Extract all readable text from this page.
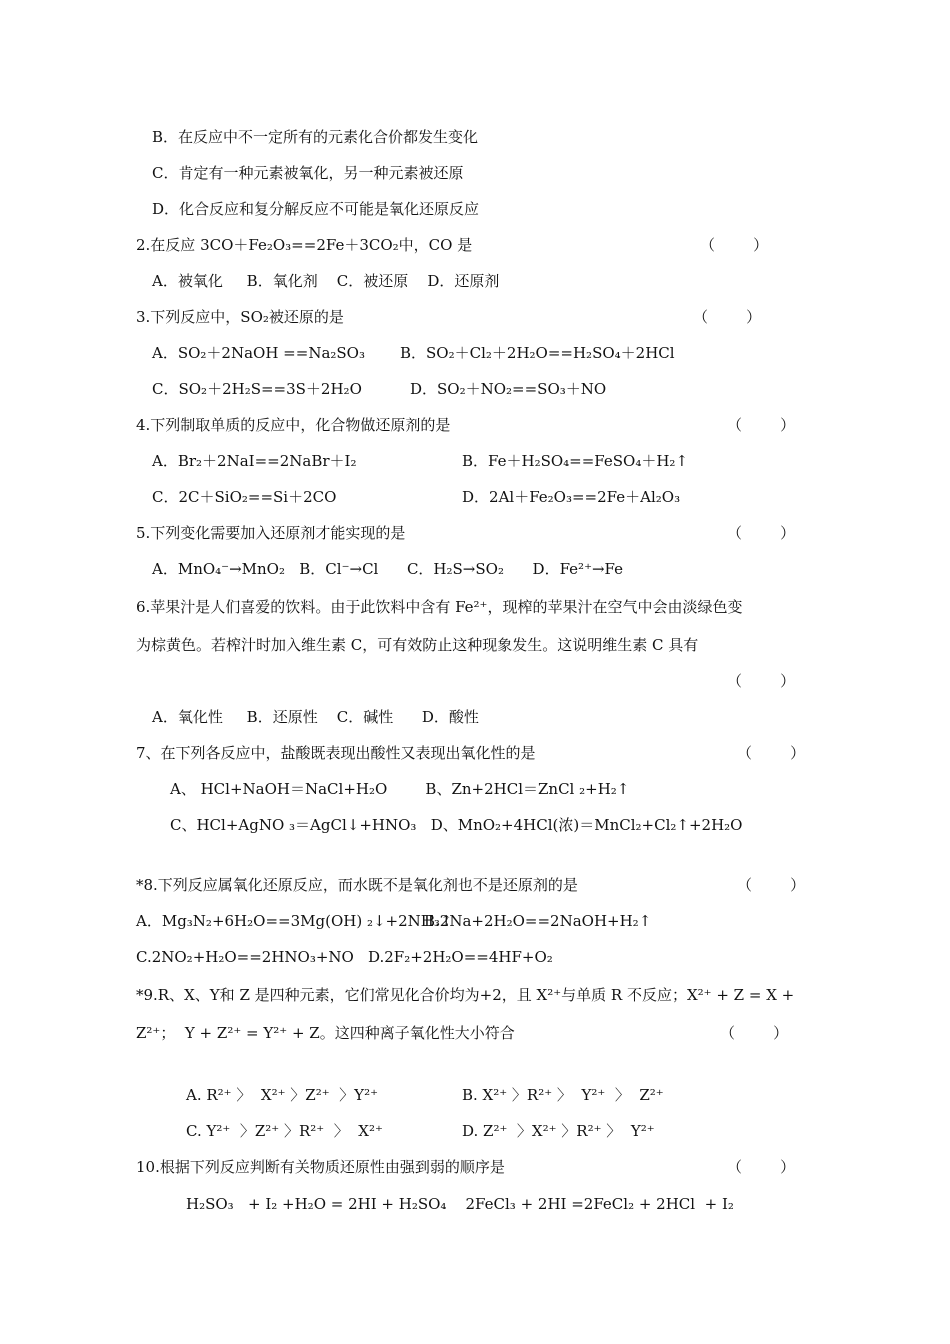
B．在反应中不一定所有的元素化合价都发生变化
C．肯定有一种元素被氧化，另一种元素被还原
D．化合反应和复分解反应不可能是氧化还原反应
2.在反应 3CO＋Fe₂O₃==2Fe＋3CO₂中，CO 是	（        ）
A．被氧化     B．氧化剂    C．被还原    D．还原剂
3.下列反应中，SO₂被还原的是	（        ）
A．SO₂＋2NaOH ==Na₂SO₃ B．SO₂＋Cl₂＋2H₂O==H₂SO₄＋2HCl
C．SO₂＋2H₂S==3S＋2H₂O	D．SO₂＋NO₂==SO₃＋NO
4.下列制取单质的反应中，化合物做还原剂的是	（        ）
A．Br₂＋2NaI==2NaBr＋I₂	B．Fe＋H₂SO₄==FeSO₄＋H₂↑
C．2C＋SiO₂==Si＋2CO	D．2Al＋Fe₂O₃==2Fe＋Al₂O₃
5.下列变化需要加入还原剂才能实现的是	（        ）
A．MnO₄⁻→MnO₂   B．Cl⁻→Cl      C．H₂S→SO₂      D．Fe²⁺→Fe
6.苹果汁是人们喜爱的饮料。由于此饮料中含有 Fe²⁺，现榨的苹果汁在空气中会由淡绿色变
为棕黄色。若榨汁时加入维生素 C，可有效防止这种现象发生。这说明维生素 C 具有
（        ）
A．氧化性     B．还原性    C．碱性      D．酸性
7、在下列各反应中，盐酸既表现出酸性又表现出氧化性的是	（        ）
A、 HCl+NaOH＝NaCl+H₂O        B、Zn+2HCl＝ZnCl ₂+H₂↑
C、HCl+AgNO ₃＝AgCl↓+HNO₃   D、MnO₂+4HCl(浓)＝MnCl₂+Cl₂↑+2H₂O
*8.下列反应属氧化还原反应，而水既不是氧化剂也不是还原剂的是	（        ）
A．Mg₃N₂+6H₂O==3Mg(OH) ₂↓+2NH₃↑
B.2Na+2H₂O==2NaOH+H₂↑
C.2NO₂+H₂O==2HNO₃+NO D.2F₂+2H₂O==4HF+O₂
*9.R、X、Y和 Z 是四种元素，它们常见化合价均为+2，且 X²⁺与单质 R 不反应；X²⁺ + Z = X +
Z²⁺；  Y + Z²⁺ = Y²⁺ + Z。这四种离子氧化性大小符合	（        ）
A. R²⁺ 〉  X²⁺ 〉Z²⁺  〉Y²⁺	B. X²⁺ 〉R²⁺ 〉  Y²⁺  〉  Z²⁺
C. Y²⁺  〉Z²⁺ 〉R²⁺  〉  X²⁺	D. Z²⁺  〉X²⁺ 〉R²⁺ 〉  Y²⁺
10.根据下列反应判断有关物质还原性由强到弱的顺序是	（        ）
H₂SO₃   + I₂ +H₂O = 2HI + H₂SO₄    2FeCl₃ + 2HI =2FeCl₂ + 2HCl  + I₂
